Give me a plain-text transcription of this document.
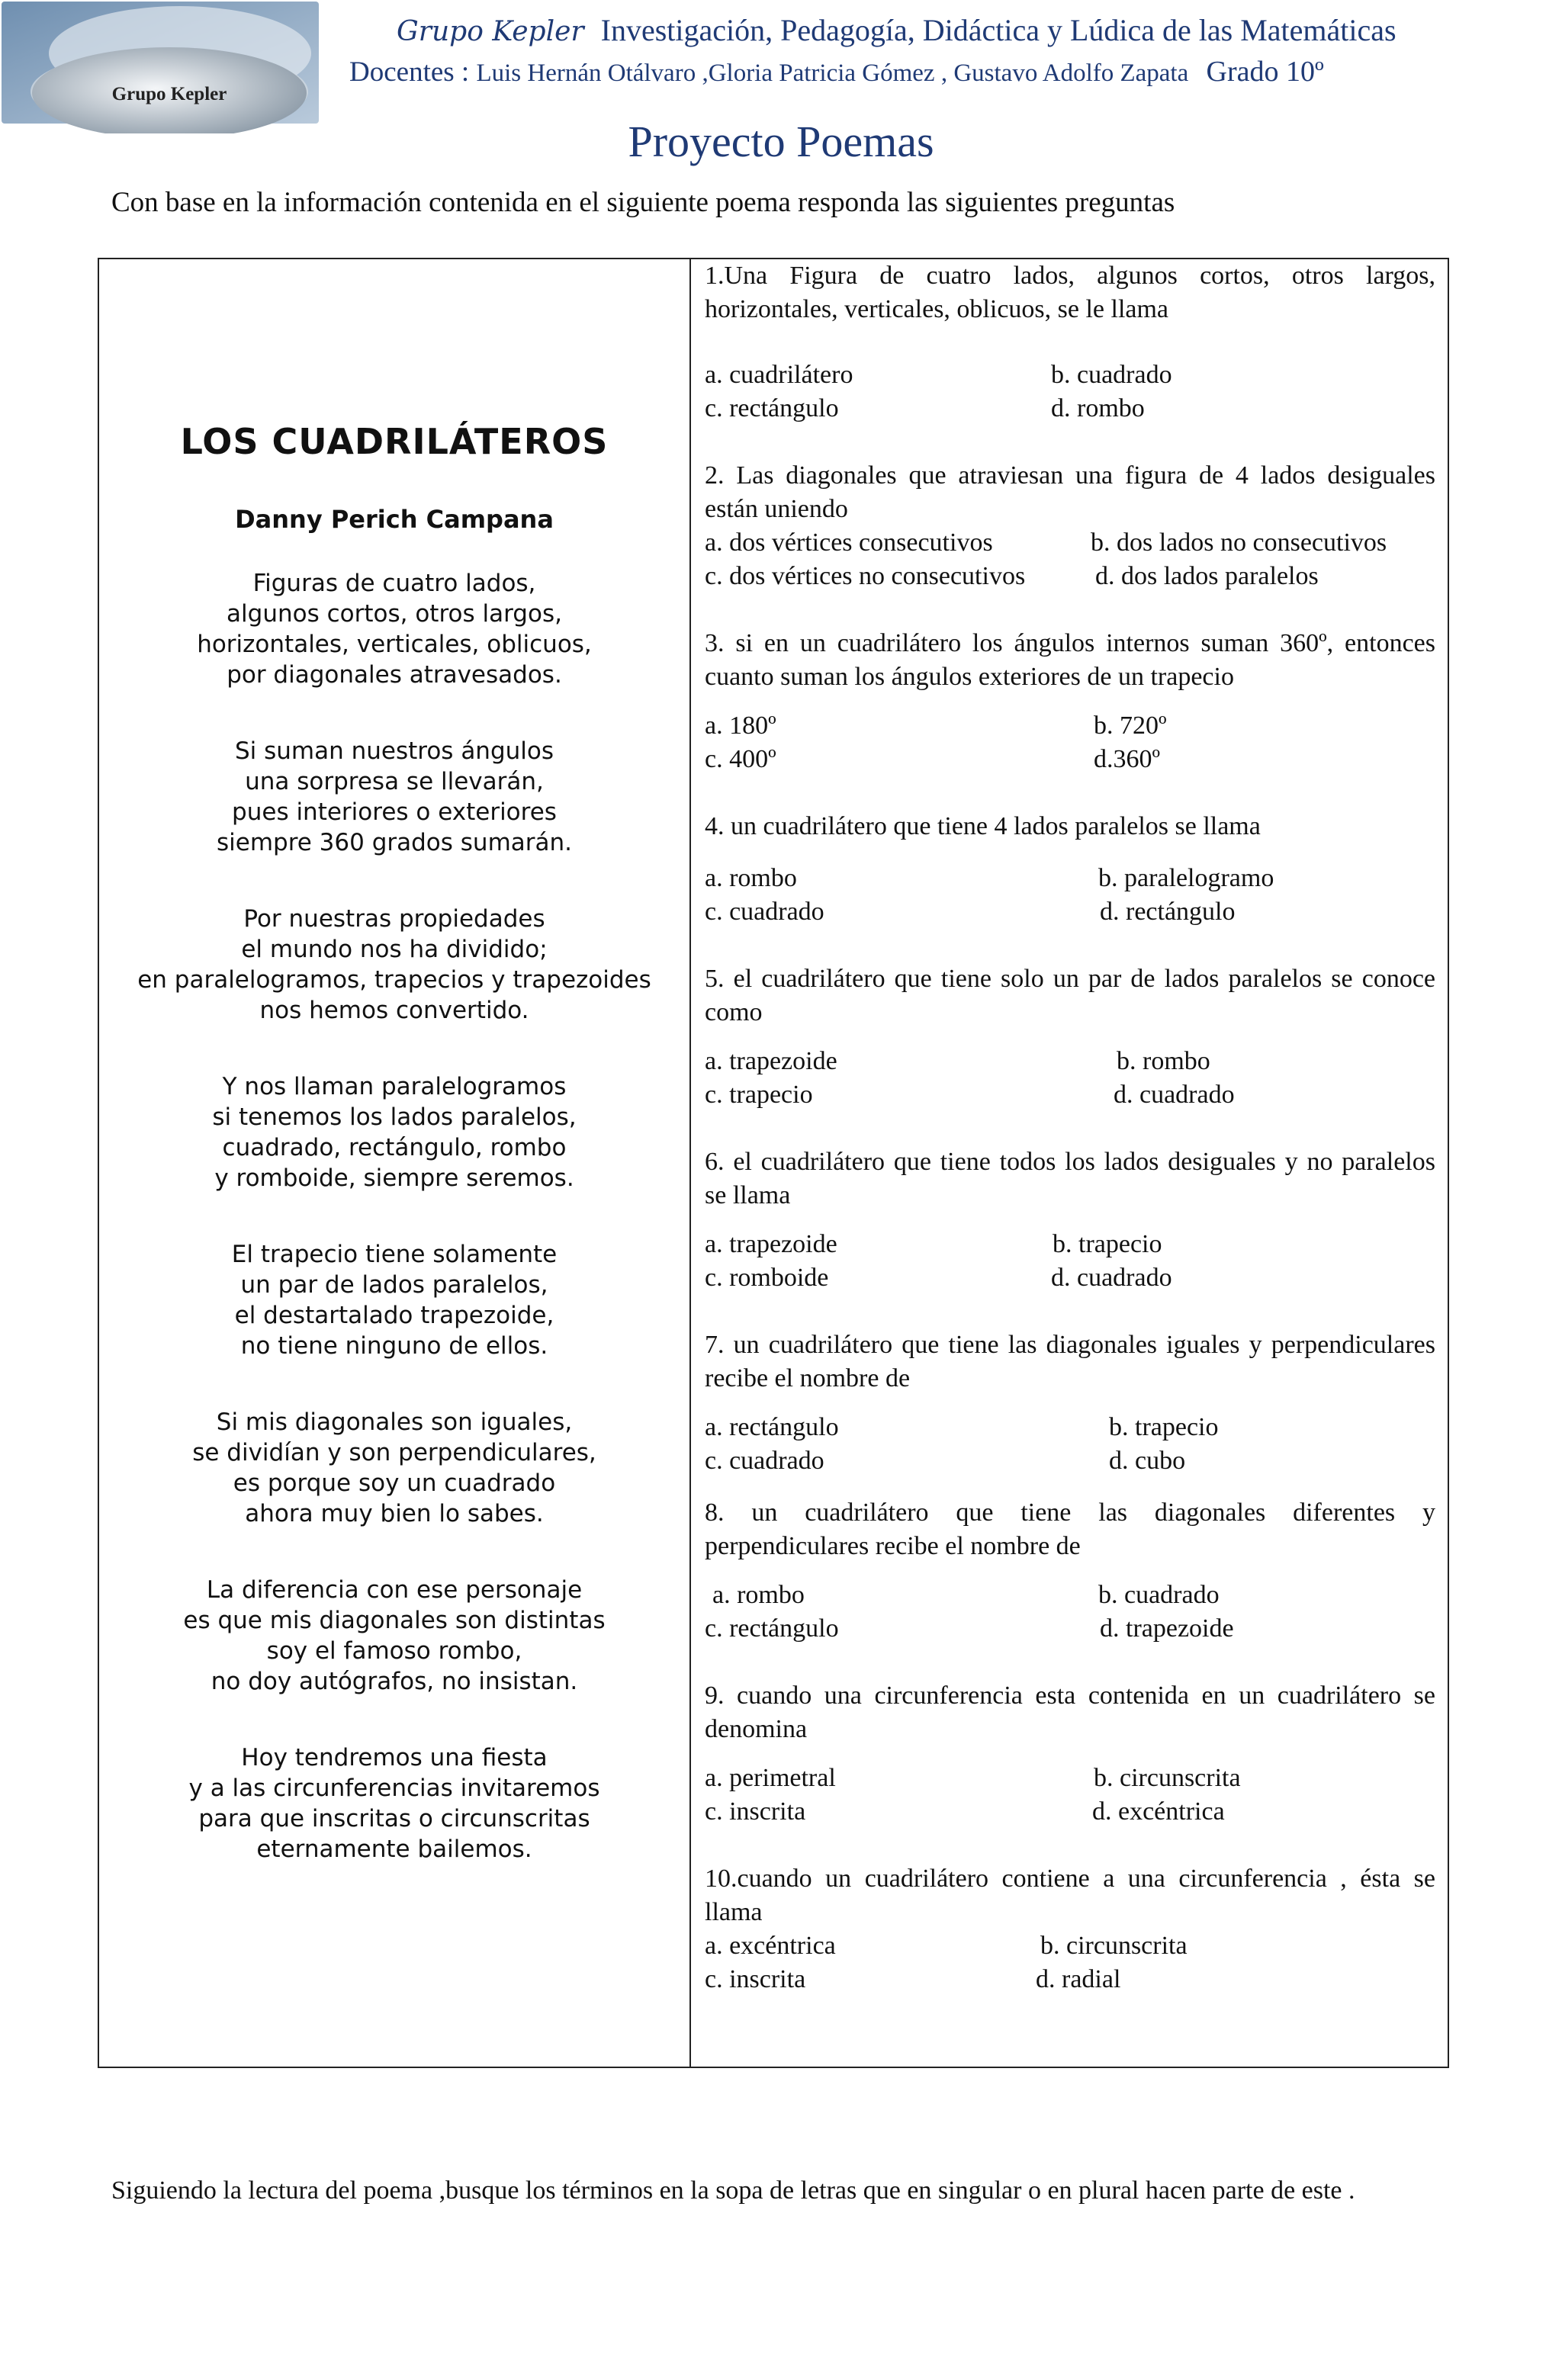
Grupo Kepler
Grupo Kepler Investigación, Pedagogía, Didáctica y Lúdica de las Matemáticas
Docentes : Luis Hernán Otálvaro ,Gloria Patricia Gómez , Gustavo Adolfo Zapata Grado 10º
Proyecto Poemas
Con base en la información contenida en el siguiente poema responda las siguientes preguntas
LOS CUADRILÁTEROS
Danny Perich Campana
Figuras de cuatro lados,
algunos cortos, otros largos,
horizontales, verticales, oblicuos,
por diagonales atravesados.
Si suman nuestros ángulos
una sorpresa se llevarán,
pues interiores o exteriores
siempre 360 grados sumarán.
Por nuestras propiedades
el mundo nos ha dividido;
en paralelogramos, trapecios y trapezoides
nos hemos convertido.
Y nos llaman paralelogramos
si tenemos los lados paralelos,
cuadrado, rectángulo, rombo
y romboide, siempre seremos.
El trapecio tiene solamente
un par de lados paralelos,
el destartalado trapezoide,
no tiene ninguno de ellos.
Si mis diagonales son iguales,
se dividían y son perpendiculares,
es porque soy un cuadrado
ahora muy bien lo sabes.
La diferencia con ese personaje
es que mis diagonales son distintas
soy el famoso rombo,
no doy autógrafos, no insistan.
Hoy tendremos una fiesta
y a las circunferencias invitaremos
para que inscritas o circunscritas
eternamente bailemos.
1.Una Figura de cuatro lados, algunos cortos, otros largos, horizontales, verticales, oblicuos, se le llama
a. cuadrilátero	b. cuadrado
c. rectángulo	d. rombo
2. Las diagonales que atraviesan una figura de 4 lados desiguales están uniendo
a. dos vértices consecutivos	b. dos lados no consecutivos
c. dos vértices no consecutivos	d. dos lados paralelos
3. si en un cuadrilátero los ángulos internos suman 360º, entonces cuanto suman los ángulos exteriores de un trapecio
a. 180º	b. 720º
c. 400º	d.360º
4. un cuadrilátero que tiene 4 lados paralelos se llama
a. rombo	b. paralelogramo
c. cuadrado	d. rectángulo
5. el cuadrilátero que tiene solo un par de lados paralelos se conoce como
a. trapezoide	b. rombo
c. trapecio	d. cuadrado
6. el cuadrilátero que tiene todos los lados desiguales y no paralelos se llama
a. trapezoide	b. trapecio
c. romboide	d. cuadrado
7. un cuadrilátero que tiene las diagonales iguales y perpendiculares recibe el nombre de
a. rectángulo	b. trapecio
c. cuadrado	d. cubo
8. un cuadrilátero que tiene las diagonales diferentes y perpendiculares recibe el nombre de
a. rombo	b. cuadrado
c. rectángulo	d. trapezoide
9. cuando una circunferencia esta contenida en un cuadrilátero se denomina
a. perimetral	b. circunscrita
c. inscrita	d. excéntrica
10.cuando un cuadrilátero contiene a una circunferencia , ésta se llama
a. excéntrica	b. circunscrita
c. inscrita	d. radial
Siguiendo la lectura del poema ,busque los términos en la sopa de letras que en singular o en plural hacen parte de este .
